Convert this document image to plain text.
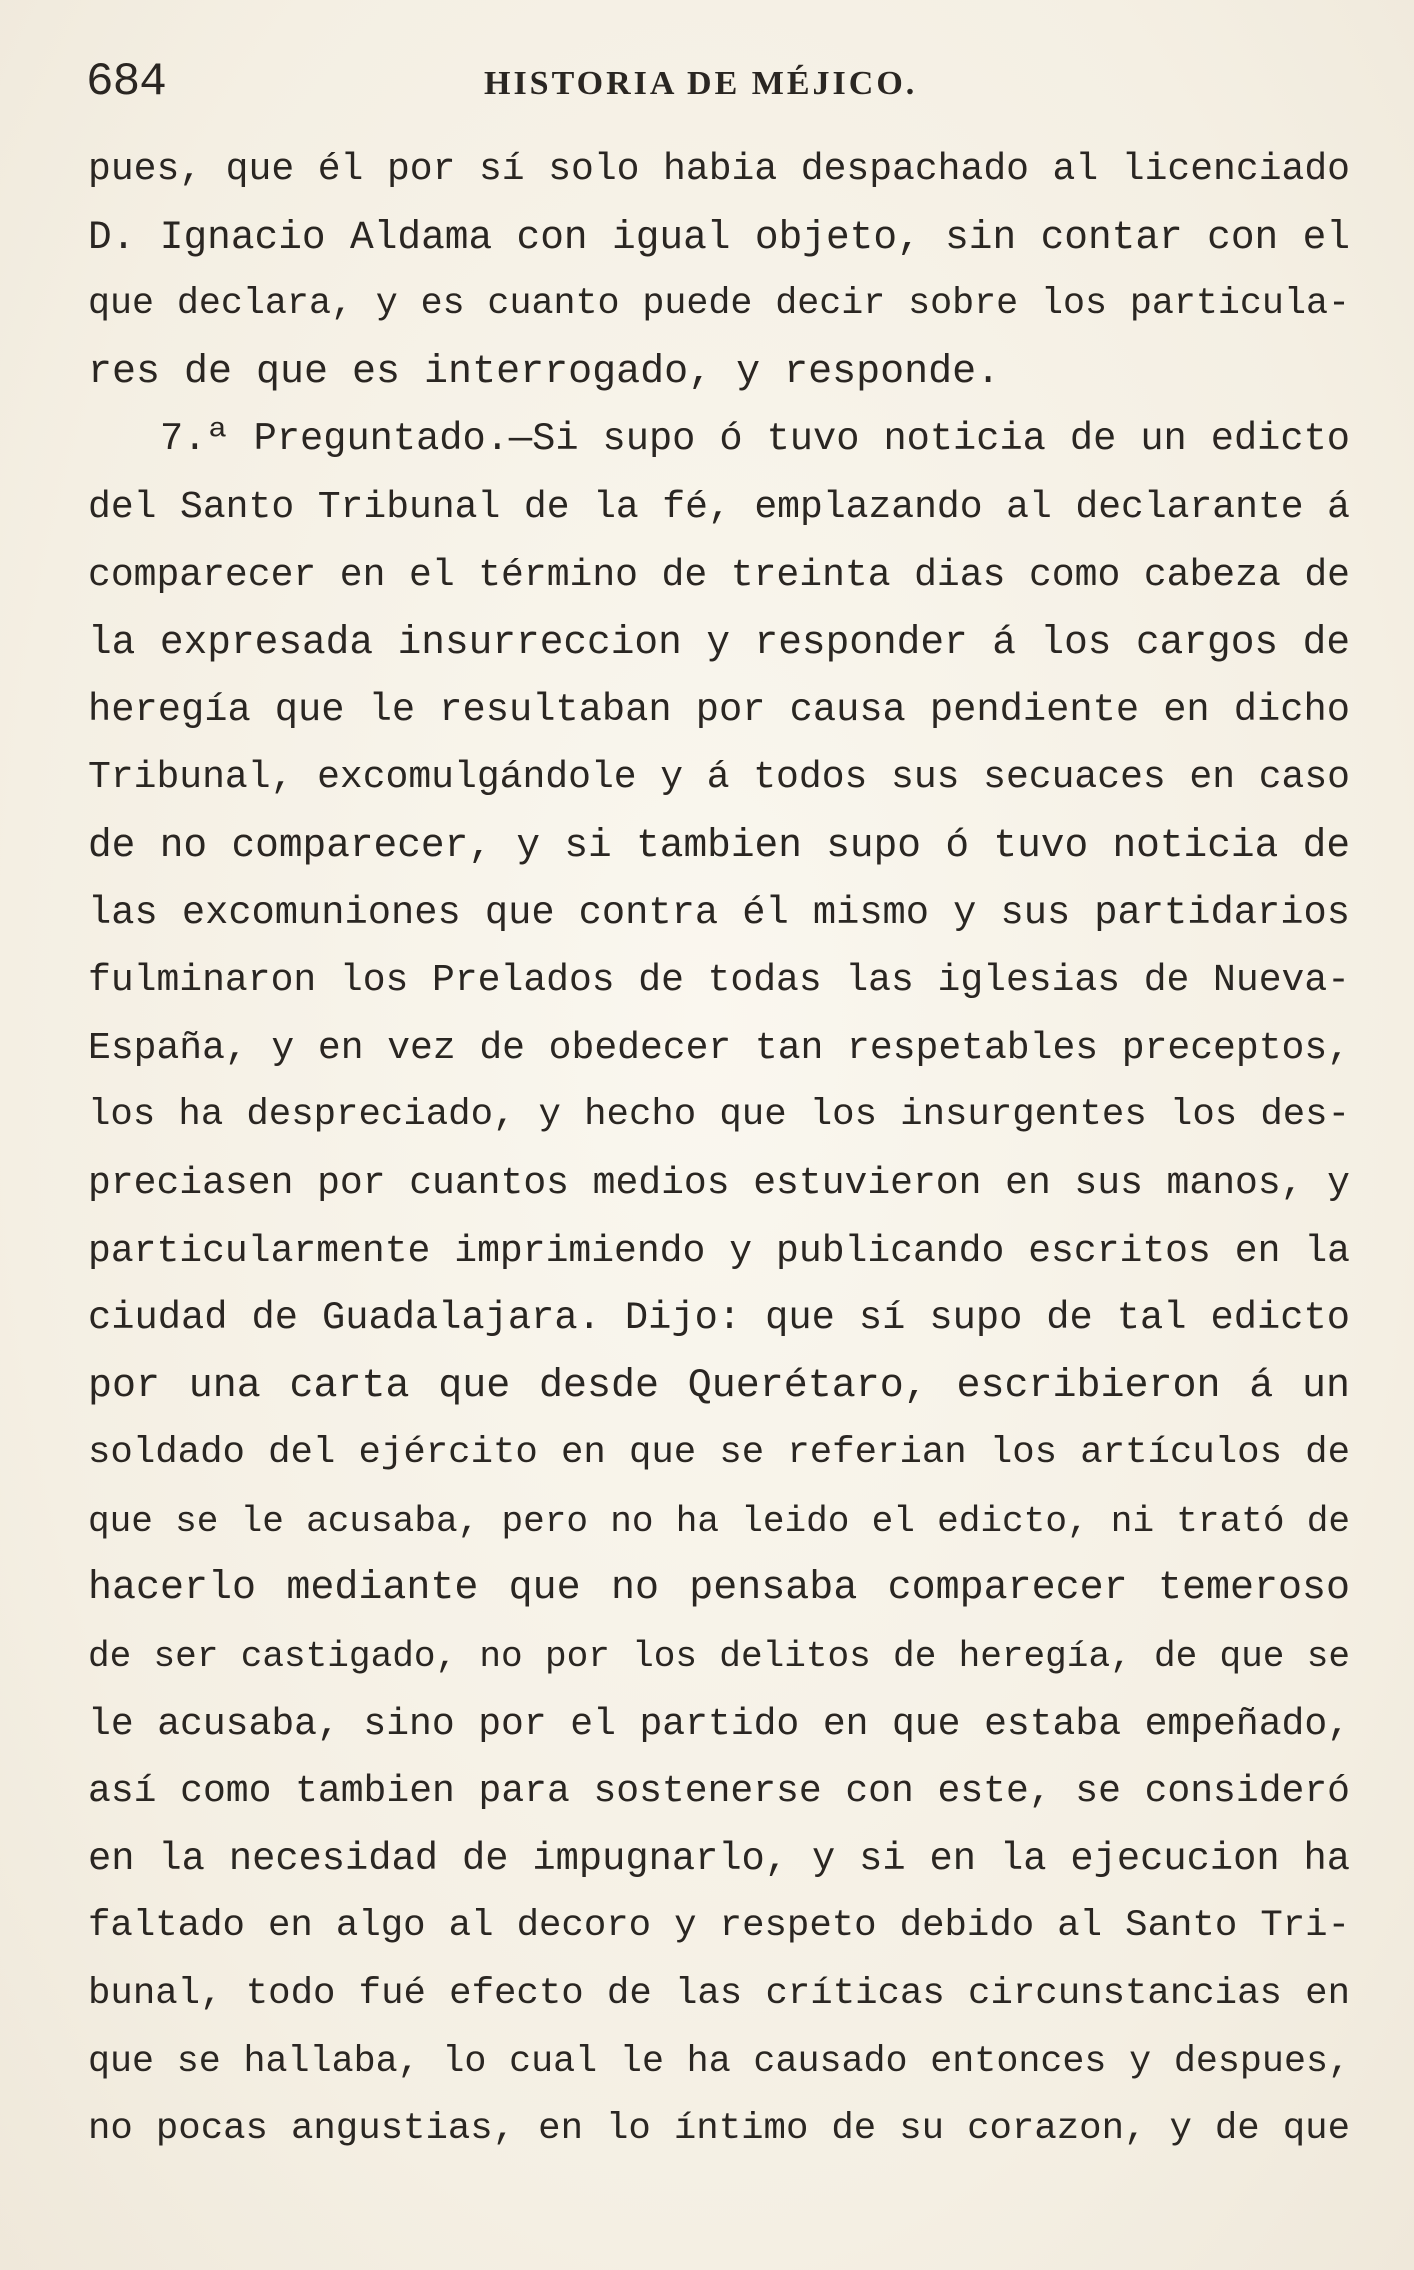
684	HISTORIA DE MÉJICO.
pues, que él por sí solo habia despachado al licenciado
D. Ignacio Aldama con igual objeto, sin contar con el
que declara, y es cuanto puede decir sobre los particula-
res de que es interrogado, y responde.
7.ª Preguntado.—Si supo ó tuvo noticia de un edicto
del Santo Tribunal de la fé, emplazando al declarante á
comparecer en el término de treinta dias como cabeza de
la expresada insurreccion y responder á los cargos de
heregía que le resultaban por causa pendiente en dicho
Tribunal, excomulgándole y á todos sus secuaces en caso
de no comparecer, y si tambien supo ó tuvo noticia de
las excomuniones que contra él mismo y sus partidarios
fulminaron los Prelados de todas las iglesias de Nueva-
España, y en vez de obedecer tan respetables preceptos,
los ha despreciado, y hecho que los insurgentes los des-
preciasen por cuantos medios estuvieron en sus manos, y
particularmente imprimiendo y publicando escritos en la
ciudad de Guadalajara. Dijo: que sí supo de tal edicto
por una carta que desde Querétaro, escribieron á un
soldado del ejército en que se referian los artículos de
que se le acusaba, pero no ha leido el edicto, ni trató de
hacerlo mediante que no pensaba comparecer temeroso
de ser castigado, no por los delitos de heregía, de que se
le acusaba, sino por el partido en que estaba empeñado,
así como tambien para sostenerse con este, se consideró
en la necesidad de impugnarlo, y si en la ejecucion ha
faltado en algo al decoro y respeto debido al Santo Tri-
bunal, todo fué efecto de las críticas circunstancias en
que se hallaba, lo cual le ha causado entonces y despues,
no pocas angustias, en lo íntimo de su corazon, y de que
